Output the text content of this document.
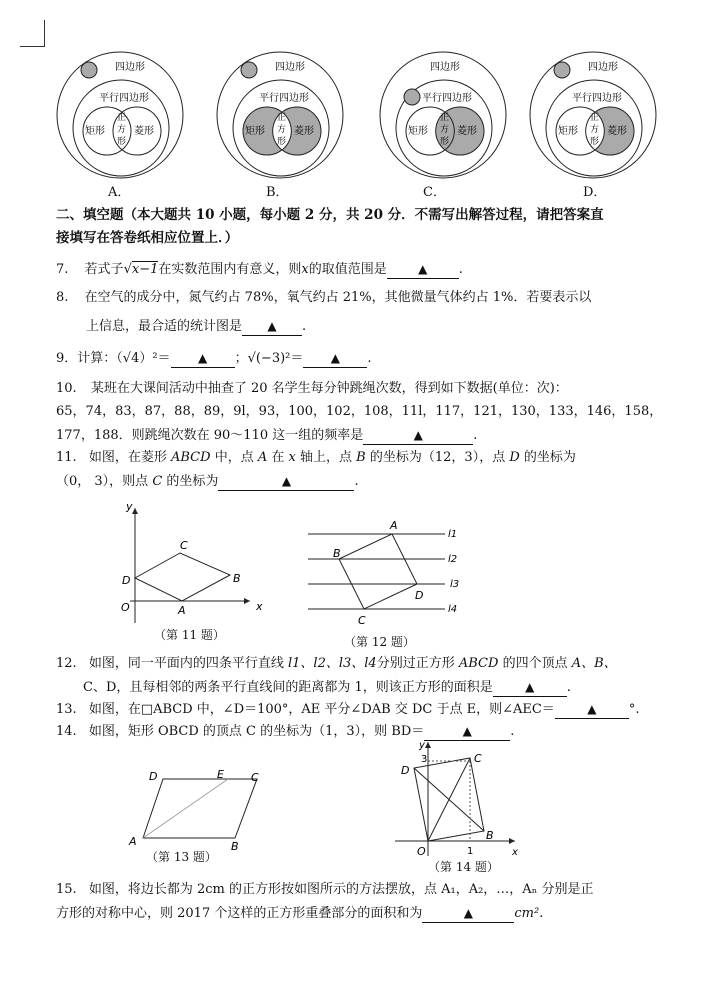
四边形
平行四边形
矩形
正
方
形
菱形
四边形
平行四边形
矩形
正
方
形
菱形
四边形
平行四边形
矩形
正
方
形
菱形
四边形
平行四边形
矩形
正
方
形
菱形
A．	B．	C．	D．
二、填空题（本大题共 10 小题，每小题 2 分，共 20 分．不需写出解答过程，请把答案直
接填写在答卷纸相应位置上．）
7. 若式子√x−1在实数范围内有意义，则x的取值范围是	▲ .
8. 在空气的成分中，氮气约占 78%，氧气约占 21%，其他微量气体约占 1%．若要表示以
上信息，最合适的统计图是 ▲ .
9．计算：（√4）²＝ ▲ ；√(−3)²＝ ▲ .
10. 某班在大课间活动中抽查了 20 名学生每分钟跳绳次数，得到如下数据(单位：次)：
65，74，83，87，88，89，9l，93，100，102，108，11l，117，121，130，133，146，158，
177，188．则跳绳次数在 90～110 这一组的频率是	▲	.
11. 如图，在菱形 ABCD 中，点 A 在 x 轴上，点 B 的坐标为（12，3），点 D 的坐标为
（0， 3），则点 C 的坐标为	▲	.
y
x
O	A
B
C
D
（第 11 题）
A
B
C
D
l1
l2
l3
l4
（第 12 题）
12. 如图，同一平面内的四条平行直线 l1、l2、l3、l4分别过正方形 ABCD 的四个顶点 A、B、
C、D，且每相邻的两条平行直线间的距离都为 1，则该正方形的面积是	▲ .
13. 如图，在□ABCD 中，∠D＝100°，AE 平分∠DAB 交 DC 于点 E，则∠AEC＝	▲ °.
14. 如图，矩形 OBCD 的顶点 C 的坐标为（1，3），则 BD＝	▲	.
D	E C
A	B
（第 13 题）
y
x
O
B
C
D
3
1
（第 14 题）
15. 如图，将边长都为 2cm 的正方形按如图所示的方法摆放，点 A₁，A₂，…，Aₙ 分别是正
方形的对称中心，则 2017 个这样的正方形重叠部分的面积和为	▲	cm².
